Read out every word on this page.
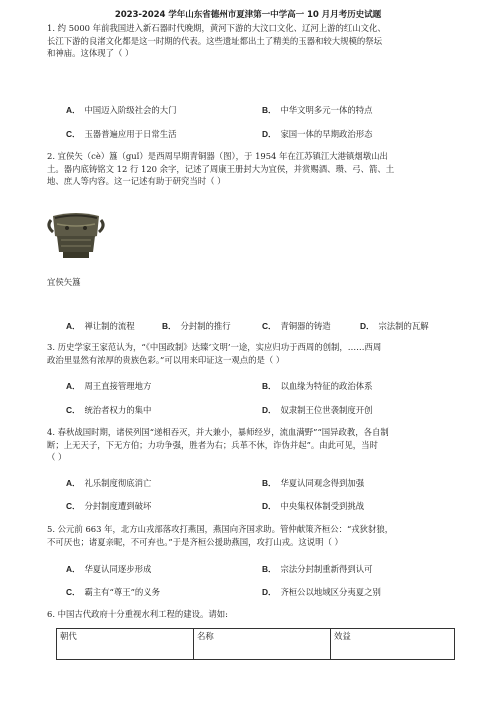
2023-2024 学年山东省德州市夏津第一中学高一 10 月月考历史试题
1. 约 5000 年前我国进入新石器时代晚期，黄河下游的大汶口文化、辽河上游的红山文化、
长江下游的良渚文化都是这一时期的代表。这些遗址都出土了精美的玉器和较大规模的祭坛
和神庙。这体现了（ ）
A． 中国迈入阶级社会的大门	B． 中华文明多元一体的特点
C． 玉器普遍应用于日常生活	D． 家国一体的早期政治形态
2. 宜侯矢（cè）簋（guǐ）是西周早期青铜器（图），于 1954 年在江苏镇江大港镇烟墩山出
土。器内底铸铭文 12 行 120 余字，记述了周康王册封大为宜侯，并赏赐酒、瓒、弓、箭、土
地、庶人等内容。这一记述有助于研究当时（ ）
宜侯矢簋
A． 禅让制的流程	B． 分封制的推行	C． 青铜器的铸造	D． 宗法制的瓦解
3. 历史学家王家范认为，“《中国政制》达臻‘文明’一途，实应归功于西周的创制，……西周
政治里显然有浓厚的贵族色彩。”可以用来印证这一观点的是（ ）
A． 周王直接管理地方	B． 以血缘为特征的政治体系
C． 统治者权力的集中	D． 奴隶制王位世袭制度开创
4. 春秋战国时期，诸侯列国“递相吞灭，并大兼小，暴师经岁，流血满野”“国异政教，各自制
断；上无天子，下无方伯；力功争强，胜者为右；兵革不休，诈伪并起”。由此可见，当时
（ ）
A． 礼乐制度彻底消亡	B． 华夏认同观念得到加强
C． 分封制度遭到破坏	D． 中央集权体制受到挑战
5. 公元前 663 年，北方山戎部落攻打燕国，燕国向齐国求助。管仲献策齐桓公：“戎狄豺狼，
不可厌也；诸夏亲昵，不可弃也。”于是齐桓公援助燕国，攻打山戎。这说明（ ）
A． 华夏认同逐步形成	B． 宗法分封制重新得到认可
C． 霸主有“尊王”的义务	D． 齐桓公以地域区分夷夏之别
6. 中国古代政府十分重视水利工程的建设。请如:
朝代	名称	效益
